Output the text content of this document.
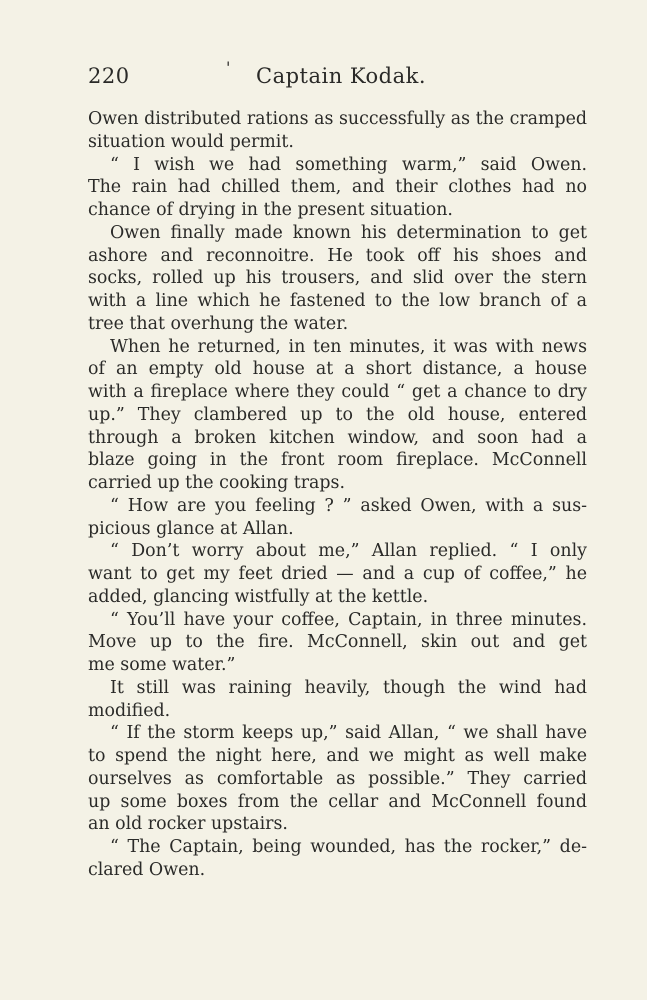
220	' Captain Kodak.
Owen distributed rations as successfully as the cramped
situation would permit.
“ I wish we had something warm,” said Owen.
The rain had chilled them, and their clothes had no
chance of drying in the present situation.
Owen finally made known his determination to get
ashore and reconnoitre. He took off his shoes and
socks, rolled up his trousers, and slid over the stern
with a line which he fastened to the low branch of a
tree that overhung the water.
When he returned, in ten minutes, it was with news
of an empty old house at a short distance, a house
with a fireplace where they could “ get a chance to dry
up.” They clambered up to the old house, entered
through a broken kitchen window, and soon had a
blaze going in the front room fireplace. McConnell
carried up the cooking traps.
“ How are you feeling ? ” asked Owen, with a sus-
picious glance at Allan.
“ Don’t worry about me,” Allan replied. “ I only
want to get my feet dried — and a cup of coffee,” he
added, glancing wistfully at the kettle.
“ You’ll have your coffee, Captain, in three minutes.
Move up to the fire. McConnell, skin out and get
me some water.”
It still was raining heavily, though the wind had
modified.
“ If the storm keeps up,” said Allan, “ we shall have
to spend the night here, and we might as well make
ourselves as comfortable as possible.” They carried
up some boxes from the cellar and McConnell found
an old rocker upstairs.
“ The Captain, being wounded, has the rocker,” de-
clared Owen.
